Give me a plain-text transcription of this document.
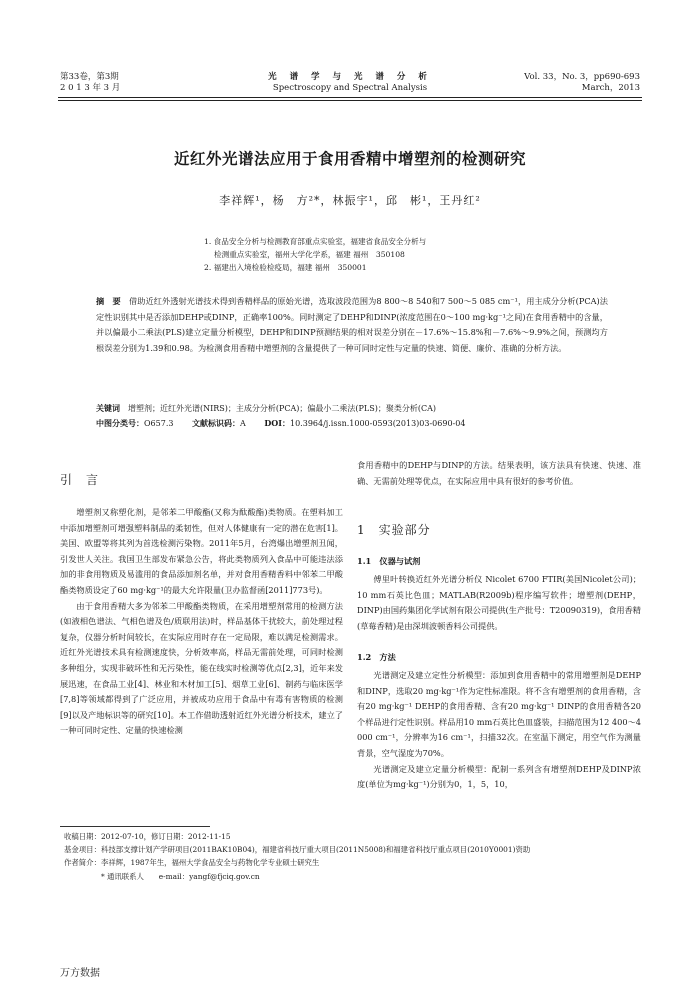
第33卷，第3期
2 0 1 3 年 3 月
光 谱 学 与 光 谱 分 析
Spectroscopy and Spectral Analysis
Vol. 33，No. 3，pp690-693
March，2013
近红外光谱法应用于食用香精中增塑剂的检测研究
李祥辉¹，杨　方²*，林振宇¹，邱　彬¹，王丹红²
1. 食品安全分析与检测教育部重点实验室，福建省食品安全分析与
　 检测重点实验室，福州大学化学系，福建 福州　350108
2. 福建出入境检验检疫局，福建 福州　350001
摘　要　 借助近红外透射光谱技术得到香精样品的原始光谱，选取波段范围为8 800～8 540和7 500～5 085 cm⁻¹，用主成分分析(PCA)法定性识别其中是否添加DEHP或DINP，正确率100%。同时测定了DEHP和DINP(浓度范围在0～100 mg·kg⁻¹之间)在食用香精中的含量，并以偏最小二乘法(PLS)建立定量分析模型，DEHP和DINP预测结果的相对误差分别在－17.6%～15.8%和－7.6%～9.9%之间，预测均方根误差分别为1.39和0.98。为检测食用香精中增塑剂的含量提供了一种可同时定性与定量的快速、简便、廉价、准确的分析方法。
关键词　 增塑剂；近红外光谱(NIRS)；主成分分析(PCA)；偏最小二乘法(PLS)；聚类分析(CA)
中图分类号：O657.3 　　 文献标识码：A 　　 DOI：10.3964/j.issn.1000-0593(2013)03-0690-04
引　言
增塑剂又称塑化剂，是邻苯二甲酸酯(又称为酞酸酯)类物质。在塑料加工中添加增塑剂可增强塑料制品的柔韧性，但对人体健康有一定的潜在危害[1]。美国、欧盟等将其列为首选检测污染物。2011年5月，台湾爆出增塑剂丑闻，引发世人关注。我国卫生部发布紧急公告，将此类物质列入食品中可能违法添加的非食用物质及易滥用的食品添加剂名单，并对食用香精香料中邻苯二甲酸酯类物质设定了60 mg·kg⁻¹的最大允许限量(卫办监督函[2011]773号)。
由于食用香精大多为邻苯二甲酸酯类物质，在采用增塑剂常用的检测方法(如液相色谱法、气相色谱及色/质联用法)时，样品基体干扰较大，前处理过程复杂，仪器分析时间较长，在实际应用时存在一定局限，难以满足检测需求。近红外光谱技术具有检测速度快，分析效率高，样品无需前处理，可同时检测多种组分，实现非破坏性和无污染性，能在线实时检测等优点[2,3]，近年来发展迅速，在食品工业[4]、林业和木材加工[5]、烟草工业[6]、制药与临床医学[7,8]等领域都得到了广泛应用，并被成功应用于食品中有毒有害物质的检测[9]以及产地标识等的研究[10]。本工作借助透射近红外光谱分析技术，建立了一种可同时定性、定量的快速检测
食用香精中的DEHP与DINP的方法。结果表明，该方法具有快速、快速、准确、无需前处理等优点，在实际应用中具有很好的参考价值。
1　实验部分
1.1　仪器与试剂
傅里叶转换近红外光谱分析仪 Nicolet 6700 FTIR(美国Nicolet公司)；10 mm石英比色皿；MATLAB(R2009b)程序编写软件；增塑剂(DEHP，DINP)由国药集团化学试剂有限公司提供(生产批号：T20090319)，食用香精(草莓香精)是由深圳波顿香料公司提供。
1.2　方法
光谱测定及建立定性分析模型：添加到食用香精中的常用增塑剂是DEHP和DINP，选取20 mg·kg⁻¹作为定性标准限。将不含有增塑剂的食用香精，含有20 mg·kg⁻¹ DEHP的食用香精、含有20 mg·kg⁻¹ DINP的食用香精各20个样品进行定性识别。样品用10 mm石英比色皿盛装，扫描范围为12 400～4 000 cm⁻¹，分辨率为16 cm⁻¹，扫描32次。在室温下测定，用空气作为测量背景，空气湿度为70%。
光谱测定及建立定量分析模型：配制一系列含有增塑剂DEHP及DINP浓度(单位为mg·kg⁻¹)分别为0，1，5，10，
收稿日期：2012-07-10，修订日期：2012-11-15
基金项目：科技部支撑计划产学研项目(2011BAK10B04)，福建省科技厅重大项目(2011N5008)和福建省科技厅重点项目(2010Y0001)资助
作者简介：李祥辉，1987年生，福州大学食品安全与药物化学专业硕士研究生
　　　　　* 通讯联系人　　e-mail：yangf@fjciq.gov.cn
万方数据
